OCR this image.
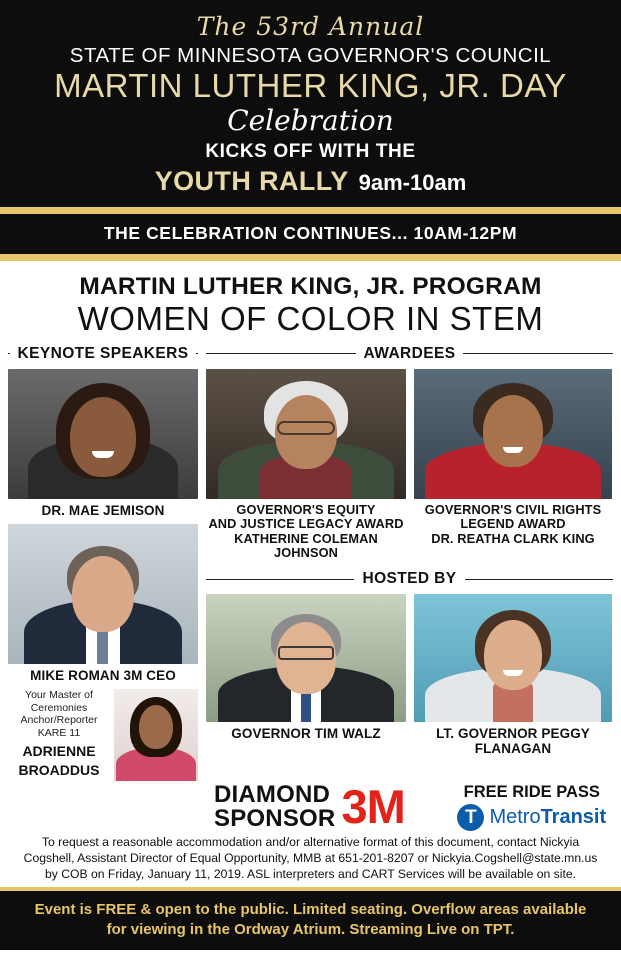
The 53rd Annual
STATE OF MINNESOTA GOVERNOR'S COUNCIL
MARTIN LUTHER KING, JR. DAY
Celebration
KICKS OFF WITH THE
YOUTH RALLY 9am-10am
THE CELEBRATION CONTINUES... 10AM-12PM
MARTIN LUTHER KING, JR. PROGRAM
WOMEN OF COLOR IN STEM
KEYNOTE SPEAKERS	AWARDEES
DR. MAE JEMISON
MIKE ROMAN 3M CEO
Your Master of Ceremonies
Anchor/Reporter KARE 11
ADRIENNE
BROADDUS
GOVERNOR'S EQUITY
AND JUSTICE LEGACY AWARD
KATHERINE COLEMAN JOHNSON
GOVERNOR'S CIVIL RIGHTS
LEGEND AWARD
DR. REATHA CLARK KING
HOSTED BY
GOVERNOR TIM WALZ	LT. GOVERNOR PEGGY FLANAGAN
DIAMOND
SPONSOR 3M	FREE RIDE PASS
T MetroTransit
To request a reasonable accommodation and/or alternative format of this document, contact Nickyia
Cogshell, Assistant Director of Equal Opportunity, MMB at 651-201-8207 or Nickyia.Cogshell@state.mn.us
by COB on Friday, January 11, 2019. ASL interpreters and CART Services will be available on site.
Event is FREE & open to the public. Limited seating. Overflow areas available
for viewing in the Ordway Atrium. Streaming Live on TPT.
